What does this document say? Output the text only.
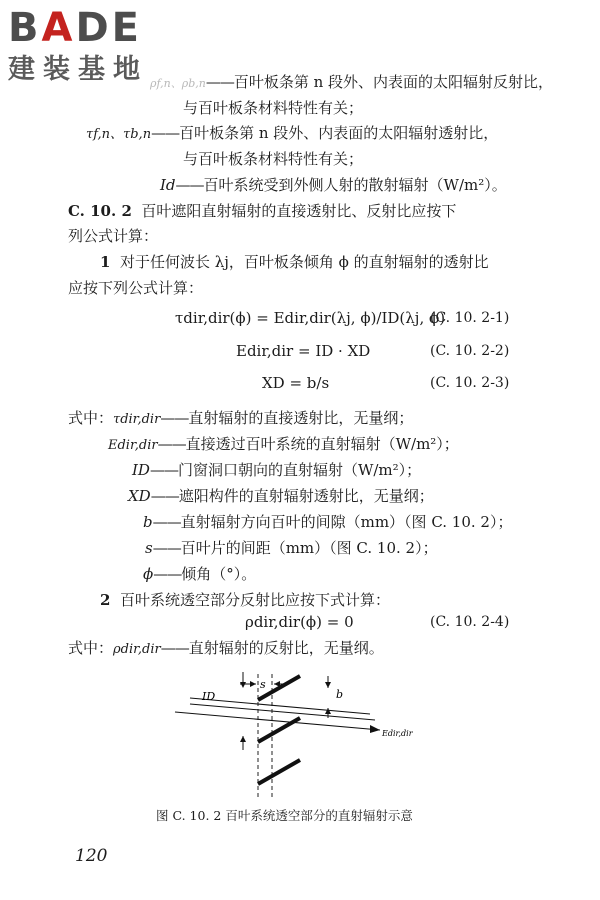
BADE
建装基地 ρf,n、ρb,n——百叶板条第 n 段外、内表面的太阳辐射反射比，
与百叶板条材料特性有关；
τf,n、τb,n——百叶板条第 n 段外、内表面的太阳辐射透射比，
与百叶板条材料特性有关；
Id——百叶系统受到外侧人射的散射辐射（W/m²）。
C. 10. 2 百叶遮阳直射辐射的直接透射比、反射比应按下
列公式计算：
1 对于任何波长 λj，百叶板条倾角 ϕ 的直射辐射的透射比
应按下列公式计算：
τdir,dir(ϕ) = Edir,dir(λj, ϕ)/ID(λj, ϕ)
(C. 10. 2-1)
Edir,dir = ID · XD	(C. 10. 2-2)
XD = b/s	(C. 10. 2-3)
式中：τdir,dir——直射辐射的直接透射比，无量纲；
Edir,dir——直接透过百叶系统的直射辐射（W/m²）；
ID——门窗洞口朝向的直射辐射（W/m²）；
XD——遮阳构件的直射辐射透射比，无量纲；
b——直射辐射方向百叶的间隙（mm）（图 C. 10. 2）；
s——百叶片的间距（mm）（图 C. 10. 2）；
ϕ——倾角（°）。
2 百叶系统透空部分反射比应按下式计算：
ρdir,dir(ϕ) = 0	(C. 10. 2-4)
式中：ρdir,dir——直射辐射的反射比，无量纲。
ID
s
b
Edir,dir
图 C. 10. 2 百叶系统透空部分的直射辐射示意
120
